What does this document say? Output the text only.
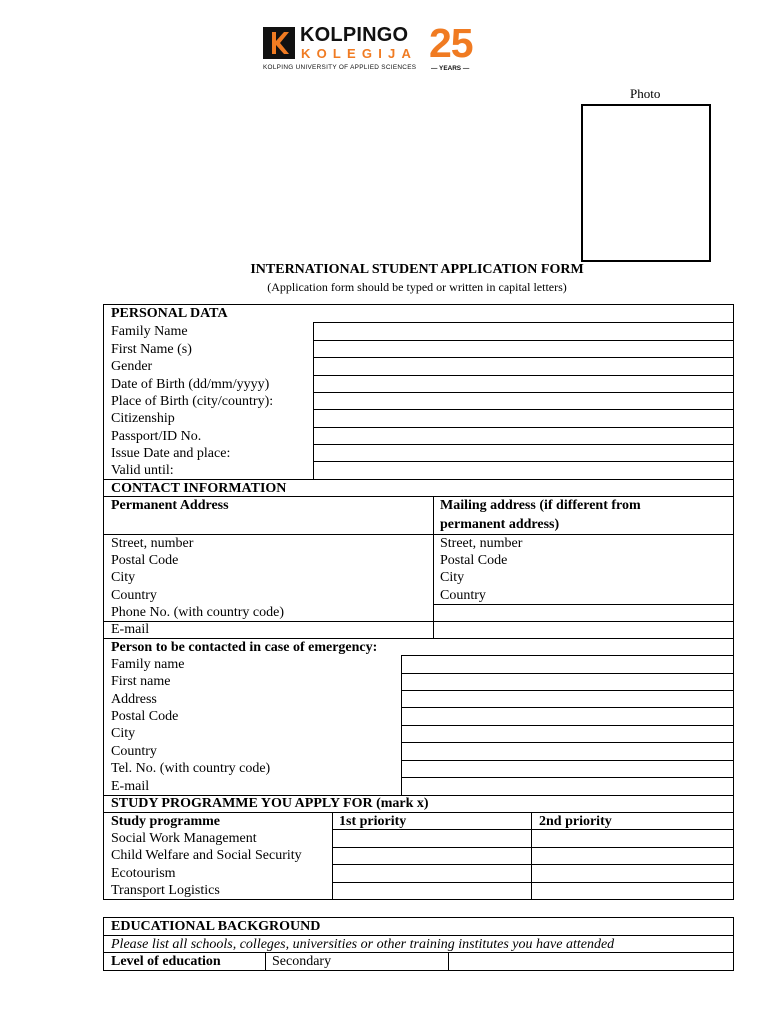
KOLPINGO
KOLEGIJA
KOLPING UNIVERSITY OF APPLIED SCIENCES
25
— YEARS —
Photo
INTERNATIONAL STUDENT APPLICATION FORM
(Application form should be typed or written in capital letters)
PERSONAL DATA
Family Name
First Name (s)
Gender
Date of Birth (dd/mm/yyyy)
Place of Birth (city/country):
Citizenship
Passport/ID No.
Issue Date and place:
Valid until:
CONTACT INFORMATION
Permanent Address	Mailing address (if different from
permanent address)
Street, number	Street, number
Postal Code	Postal Code
City	City
Country	Country
Phone No. (with country code)
E-mail
Person to be contacted in case of emergency:
Family name
First name
Address
Postal Code
City
Country
Tel. No. (with country code)
E-mail
STUDY PROGRAMME YOU APPLY FOR (mark x)
Study programme	1st priority	2nd priority
Social Work Management
Child Welfare and Social Security
Ecotourism
Transport Logistics
EDUCATIONAL BACKGROUND
Please list all schools, colleges, universities or other training institutes you have attended
Level of education	Secondary
